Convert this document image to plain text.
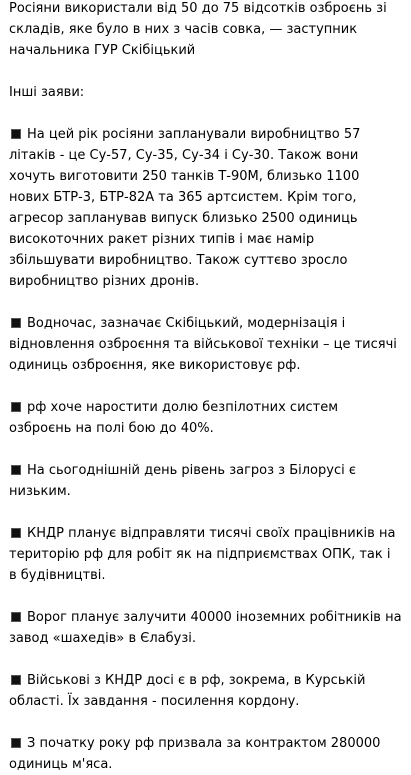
Росіяни використали від 50 до 75 відсотків озброєнь зі складів, яке було в них з часів совка, — заступник начальника ГУР Скібіцький

Інші заяви:

На цей рік росіяни запланували виробництво 57 літаків - це Су-57, Су-35, Су-34 і Су-30. Також вони хочуть виготовити 250 танків Т-90М, близько 1100 нових БТР-3, БТР-82А та 365 артсистем. Крім того, агресор запланував випуск близько 2500 одиниць високоточних ракет різних типів і має намір збільшувати виробництво. Також суттєво зросло виробництво різних дронів.

Водночас, зазначає Скібіцький, модернізація і відновлення озброєння та військової техніки – це тисячі одиниць озброєння, яке використовує рф.

рф хоче наростити долю безпілотних систем озброєнь на полі бою до 40%.

На сьогоднішній день рівень загроз з Білорусі є низьким.

КНДР планує відправляти тисячі своїх працівників на територію рф для робіт як на підприємствах ОПК, так і в будівництві.

Ворог планує залучити 40000 іноземних робітників на завод «шахедів» в Єлабузі.

Військові з КНДР досі є в рф, зокрема, в Курській області. Їх завдання - посилення кордону.

З початку року рф призвала за контрактом 280000 одиниць м'яса.
